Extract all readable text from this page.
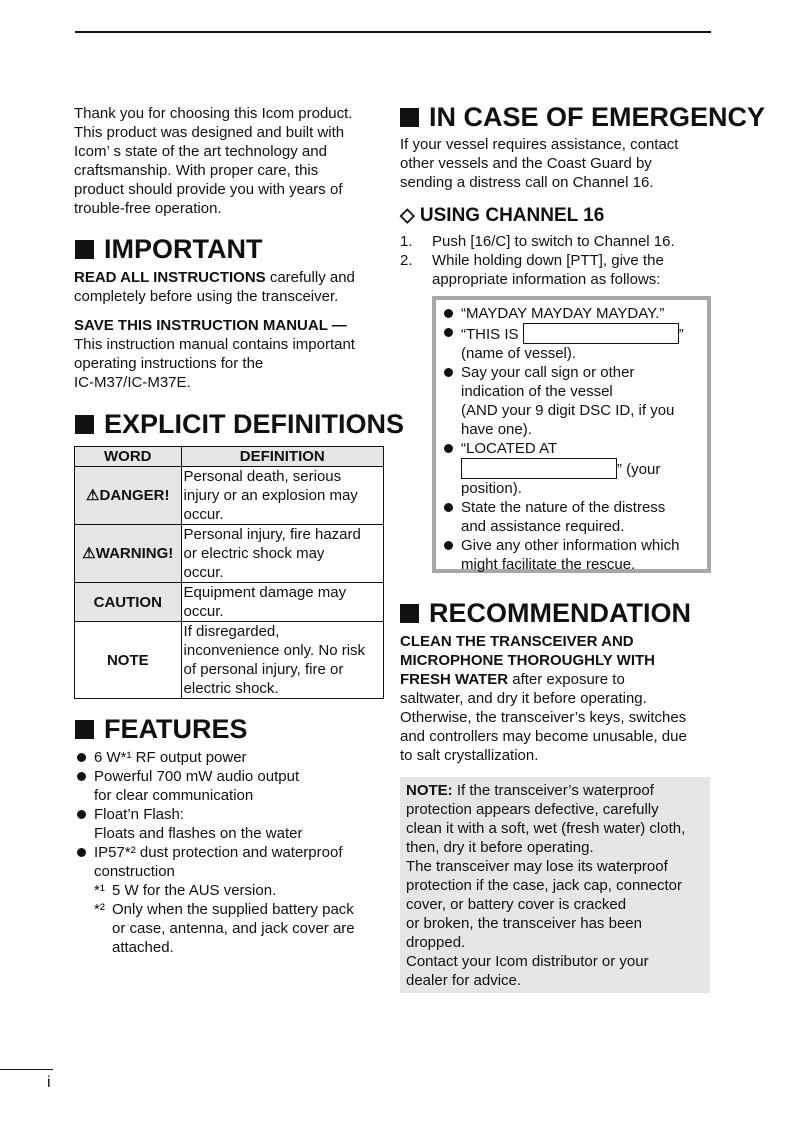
Thank you for choosing this Icom product.
This product was designed and built with
Icom’ s state of the art technology and
craftsmanship. With proper care, this
product should provide you with years of
trouble-free operation.
IMPORTANT
READ ALL INSTRUCTIONS carefully and
completely before using the transceiver.
SAVE THIS INSTRUCTION MANUAL —
This instruction manual contains important
operating instructions for the
IC-M37/IC-M37E.
EXPLICIT DEFINITIONS
WORD	DEFINITION
⚠DANGER!	Personal death, serious
injury or an explosion may
occur.

⚠WARNING!	Personal injury, fire hazard
or electric shock may
occur.

CAUTION	Equipment damage may
occur.

NOTE	If disregarded,
inconvenience only. No risk
of personal injury, fire or
electric shock.
FEATURES
6 W*¹ RF output power
Powerful 700 mW audio output
for clear communication
Float’n Flash:
Floats and flashes on the water
IP57*² dust protection and waterproof
construction
*¹ 5 W for the AUS version.
*² Only when the supplied battery pack
or case, antenna, and jack cover are
attached.
IN CASE OF EMERGENCY
If your vessel requires assistance, contact
other vessels and the Coast Guard by
sending a distress call on Channel 16.
◇ USING CHANNEL 16
1. Push [16/C] to switch to Channel 16.
2. While holding down [PTT], give the
appropriate information as follows:
“MAYDAY MAYDAY MAYDAY.”
“THIS IS	”
(name of vessel).
Say your call sign or other
indication of the vessel
(AND your 9 digit DSC ID, if you
have one).
“LOCATED AT
” (your
position).
State the nature of the distress
and assistance required.
Give any other information which
might facilitate the rescue.
RECOMMENDATION
CLEAN THE TRANSCEIVER AND
MICROPHONE THOROUGHLY WITH
FRESH WATER after exposure to
saltwater, and dry it before operating.
Otherwise, the transceiver’s keys, switches
and controllers may become unusable, due
to salt crystallization.
NOTE: If the transceiver’s waterproof
protection appears defective, carefully
clean it with a soft, wet (fresh water) cloth,
then, dry it before operating.
The transceiver may lose its waterproof
protection if the case, jack cap, connector
cover, or battery cover is cracked
or broken, the transceiver has been
dropped.
Contact your Icom distributor or your
dealer for advice.
i
